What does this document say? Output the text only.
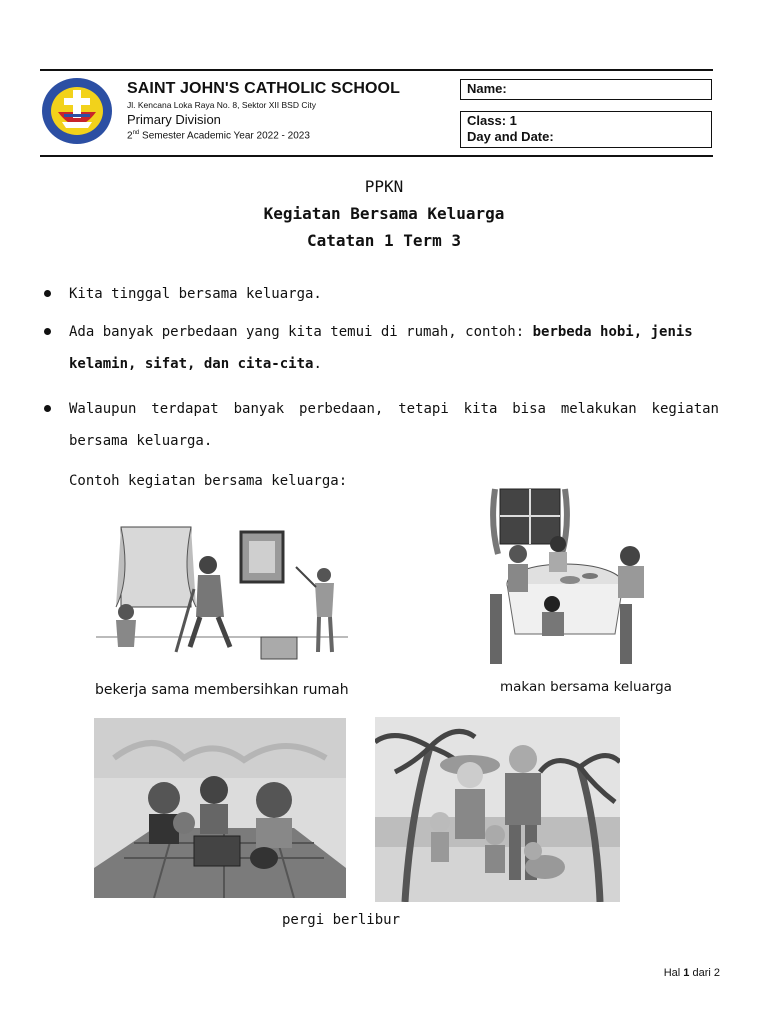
SAINT JOHN'S CATHOLIC SCHOOL
Jl. Kencana Loka Raya No. 8, Sektor XII BSD City
Primary Division
2nd Semester Academic Year 2022 - 2023
Name:
Class: 1
Day and Date:
PPKN
Kegiatan Bersama Keluarga
Catatan 1 Term 3
Kita tinggal bersama keluarga.
Ada banyak perbedaan yang kita temui di rumah, contoh: berbeda hobi, jenis kelamin, sifat, dan cita-cita.
Walaupun terdapat banyak perbedaan, tetapi kita bisa melakukan kegiatan bersama keluarga.
Contoh kegiatan bersama keluarga:
bekerja sama membersihkan rumah	makan bersama keluarga
pergi berlibur
Hal 1 dari 2
